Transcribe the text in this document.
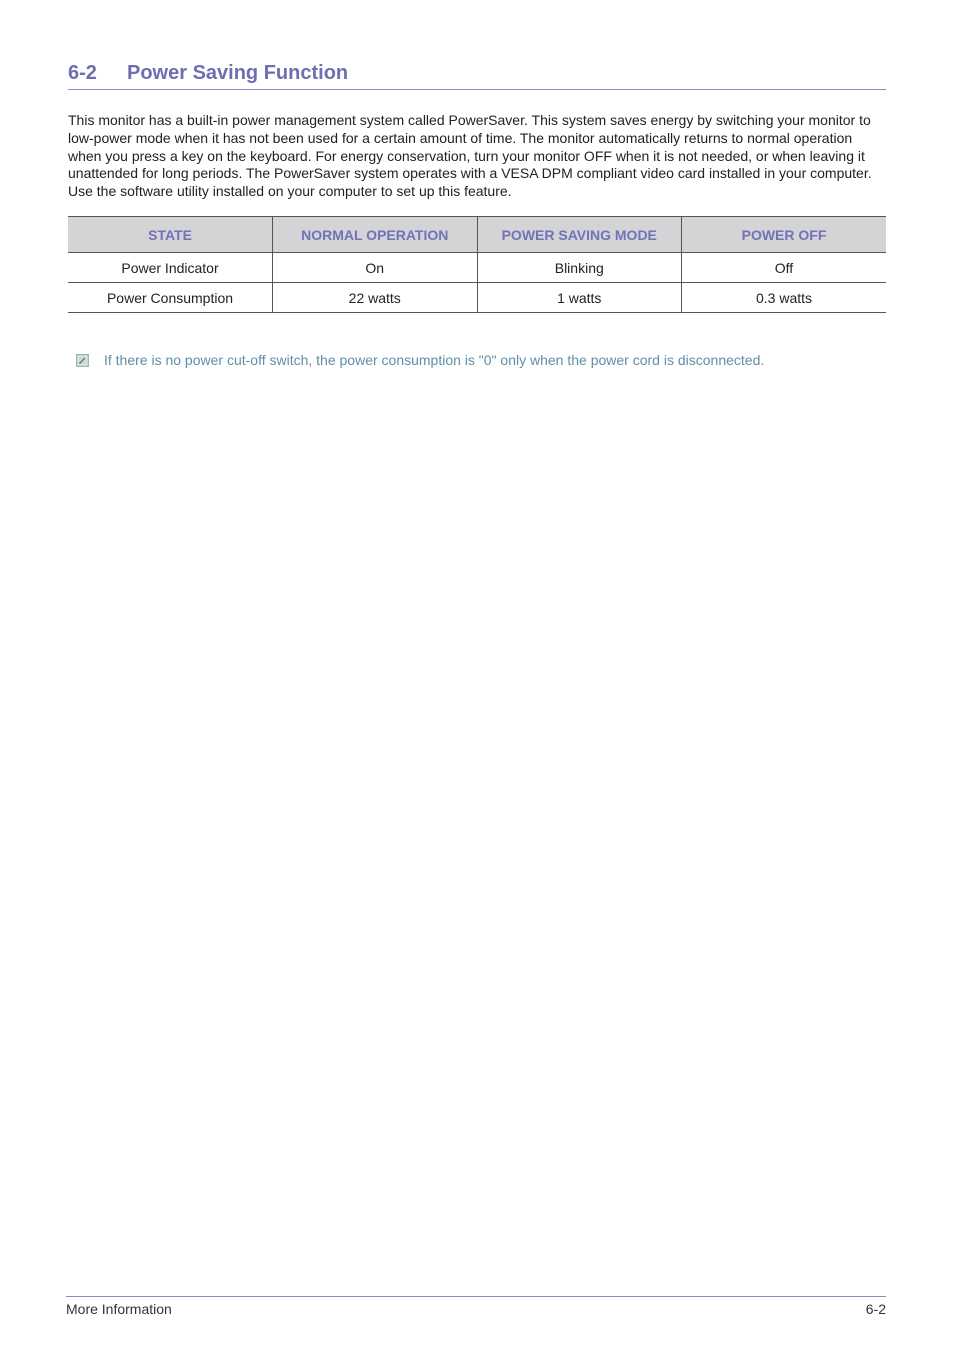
6-2	Power Saving Function

This monitor has a built-in power management system called PowerSaver. This system saves energy by switching your monitor to low-power mode when it has not been used for a certain amount of time. The monitor automatically returns to normal operation when you press a key on the keyboard. For energy conservation, turn your monitor OFF when it is not needed, or when leaving it unattended for long periods. The PowerSaver system operates with a VESA DPM compliant video card installed in your computer. Use the software utility installed on your computer to set up this feature.

STATE	NORMAL OPERATION	POWER SAVING MODE	POWER OFF
Power Indicator	On	Blinking	Off
Power Consumption	22 watts	1 watts	0.3 watts
If there is no power cut-off switch, the power consumption is "0" only when the power cord is disconnected.
More Information	6-2
